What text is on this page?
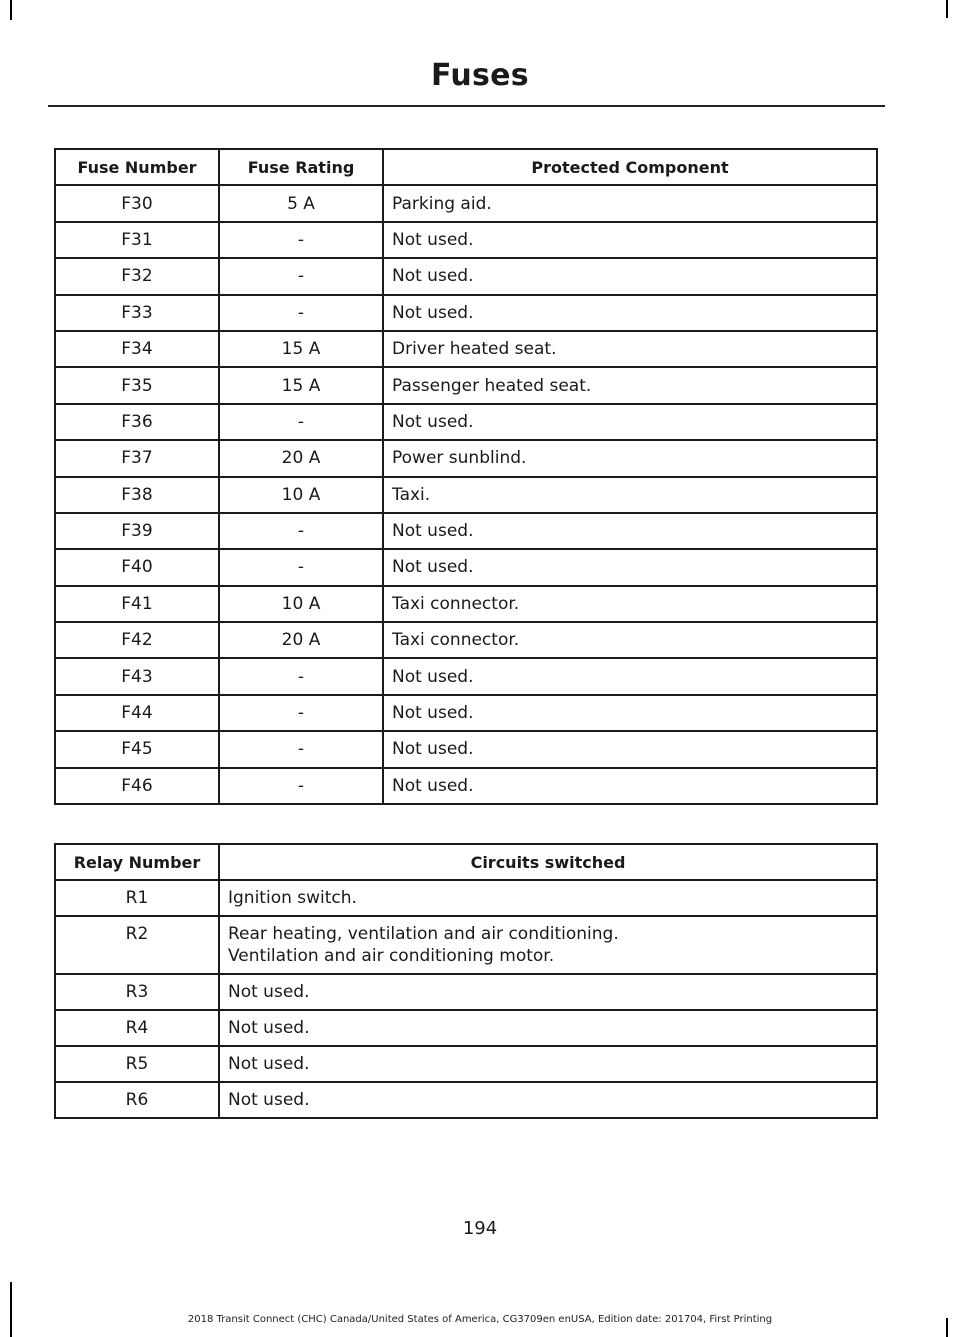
Fuses
Fuse Number	Fuse Rating	Protected Component
F30	5 A	Parking aid.
F31	-	Not used.
F32	-	Not used.
F33	-	Not used.
F34	15 A	Driver heated seat.
F35	15 A	Passenger heated seat.
F36	-	Not used.
F37	20 A	Power sunblind.
F38	10 A	Taxi.
F39	-	Not used.
F40	-	Not used.
F41	10 A	Taxi connector.
F42	20 A	Taxi connector.
F43	-	Not used.
F44	-	Not used.
F45	-	Not used.
F46	-	Not used.
Relay Number	Circuits switched
R1	Ignition switch.

R2	Rear heating, ventilation and air conditioning.
Ventilation and air conditioning motor.

R3	Not used.

R4	Not used.

R5	Not used.

R6	Not used.
194
2018 Transit Connect (CHC) Canada/United States of America, CG3709en enUSA, Edition date: 201704, First Printing
